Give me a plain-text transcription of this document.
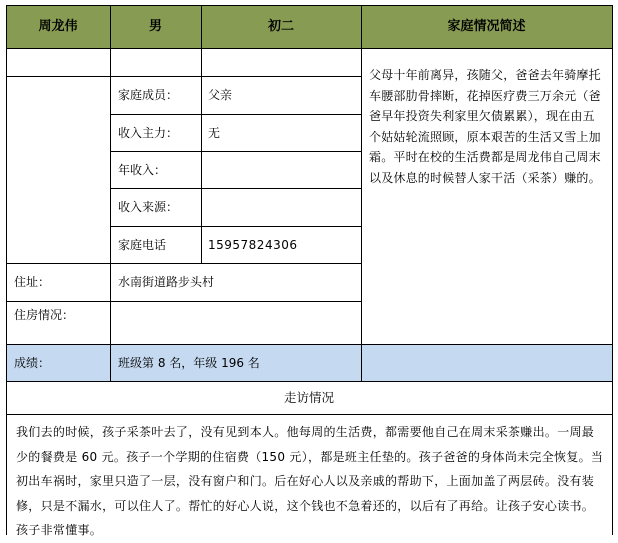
周龙伟	男	初二	家庭情况简述
父母十年前离异，孩随父，爸爸去年骑摩托车腰部肋骨摔断，花掉医疗费三万余元（爸爸早年投资失利家里欠债累累），现在由五个姑姑轮流照顾，原本艰苦的生活又雪上加霜。平时在校的生活费都是周龙伟自己周末以及休息的时候替人家干活（采茶）赚的。
家庭成员：	父亲
收入主力：	无
年收入：
收入来源：
家庭电话	15957824306
住址：	水南街道路步头村
住房情况：
成绩：	班级第 8 名，年级 196 名
走访情况
我们去的时候，孩子采茶叶去了，没有见到本人。他每周的生活费，都需要他自己在周末采茶赚出。一周最少的餐费是 60 元。孩子一个学期的住宿费（150 元），都是班主任垫的。孩子爸爸的身体尚未完全恢复。当初出车祸时，家里只造了一层，没有窗户和门。后在好心人以及亲戚的帮助下，上面加盖了两层砖。没有装修，只是不漏水，可以住人了。帮忙的好心人说，这个钱也不急着还的，以后有了再给。让孩子安心读书。孩子非常懂事。
